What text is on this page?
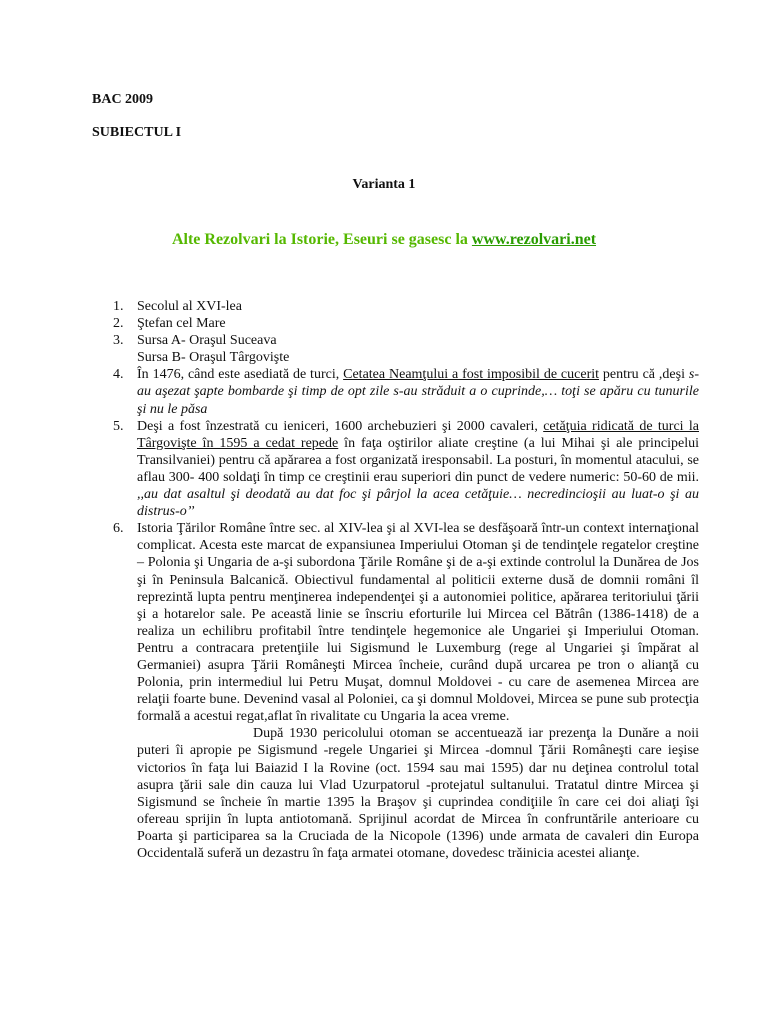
BAC 2009
SUBIECTUL I
Varianta 1
Alte Rezolvari la Istorie, Eseuri se gasesc la www.rezolvari.net
1. Secolul al XVI-lea
2. Ştefan cel Mare
3. Sursa A- Oraşul Suceava
Sursa B- Oraşul Târgovişte
4. În 1476, când este asediată de turci, Cetatea Neamţului a fost imposibil de cucerit pentru că ,deşi s-au aşezat şapte bombarde şi timp de opt zile s-au străduit a o cuprinde,… toţi se apăru cu tunurile şi nu le păsa
5. Deşi a fost înzestrată cu ieniceri, 1600 archebuzieri şi 2000 cavaleri, cetăţuia ridicată de turci la Târgovişte în 1595 a cedat repede în faţa oştirilor aliate creştine (a lui Mihai şi ale principelui Transilvaniei) pentru că apărarea a fost organizată iresponsabil. La posturi, în momentul atacului, se aflau 300- 400 soldaţi în timp ce creştinii erau superiori din punct de vedere numeric: 50-60 de mii. ,,au dat asaltul şi deodată au dat foc şi pârjol la acea cetăţuie… necredincioşii au luat-o şi au distrus-o’’
6. Istoria Ţărilor Române între sec. al XIV-lea şi al XVI-lea se desfăşoară într-un context internaţional complicat. Acesta este marcat de expansiunea Imperiului Otoman şi de tendinţele regatelor creştine – Polonia şi Ungaria de a-şi subordona Ţările Române şi de a-şi extinde controlul la Dunărea de Jos şi în Peninsula Balcanică. Obiectivul fundamental al politicii externe dusă de domnii români îl reprezintă lupta pentru menţinerea independenţei şi a autonomiei politice, apărarea teritoriului ţării şi a hotarelor sale. Pe această linie se înscriu eforturile lui Mircea cel Bătrân (1386-1418) de a realiza un echilibru profitabil între tendinţele hegemonice ale Ungariei şi Imperiului Otoman. Pentru a contracara pretenţiile lui Sigismund le Luxemburg (rege al Ungariei şi împărat al Germaniei) asupra Ţării Româneşti Mircea încheie, curând după urcarea pe tron o alianţă cu Polonia, prin intermediul lui Petru Muşat, domnul Moldovei - cu care de asemenea Mircea are relaţii foarte bune. Devenind vasal al Poloniei, ca şi domnul Moldovei, Mircea se pune sub protecţia formală a acestui regat,aflat în rivalitate cu Ungaria la acea vreme.
După 1930 pericolului otoman se accentuează iar prezenţa la Dunăre a noii puteri îi apropie pe Sigismund -regele Ungariei şi Mircea -domnul Ţării Româneşti care ieşise victorios în faţa lui Baiazid I la Rovine (oct. 1594 sau mai 1595) dar nu deţinea controlul total asupra ţării sale din cauza lui Vlad Uzurpatorul -protejatul sultanului. Tratatul dintre Mircea şi Sigismund se încheie în martie 1395 la Braşov şi cuprindea condiţiile în care cei doi aliaţi îşi ofereau sprijin în lupta antiotomană. Sprijinul acordat de Mircea în confruntările anterioare cu Poarta şi participarea sa la Cruciada de la Nicopole (1396) unde armata de cavaleri din Europa Occidentală suferă un dezastru în faţa armatei otomane, dovedesc trăinicia acestei alianţe.
